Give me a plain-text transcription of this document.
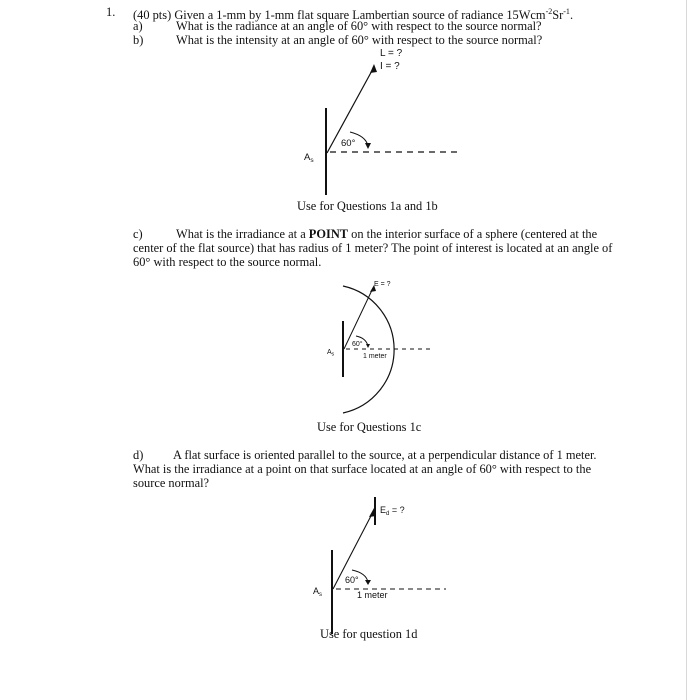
1. (40 pts) Given a 1-mm by 1-mm flat square Lambertian source of radiance $15Wcm^{-2}Sr^{-1}$.
a)	What is the radiance at an angle of 60° with respect to the source normal?
b)	What is the intensity at an angle of 60° with respect to the source normal?
L = ?
I = ?
60°
$A_s$
Use for Questions 1a and 1b
c)	What is the irradiance at a POINT on the interior surface of a sphere (centered at the
center of the flat source) that has radius of 1 meter? The point of interest is located at an angle of
60° with respect to the source normal.
E = ?
60°
1 meter
$A_s$
Use for Questions 1c
d) A flat surface is oriented parallel to the source, at a perpendicular distance of 1 meter.
What is the irradiance at a point on that surface located at an angle of 60° with respect to the
source normal?
$E_d$ = ?
60°
1 meter
$A_s$
Use for question 1d
